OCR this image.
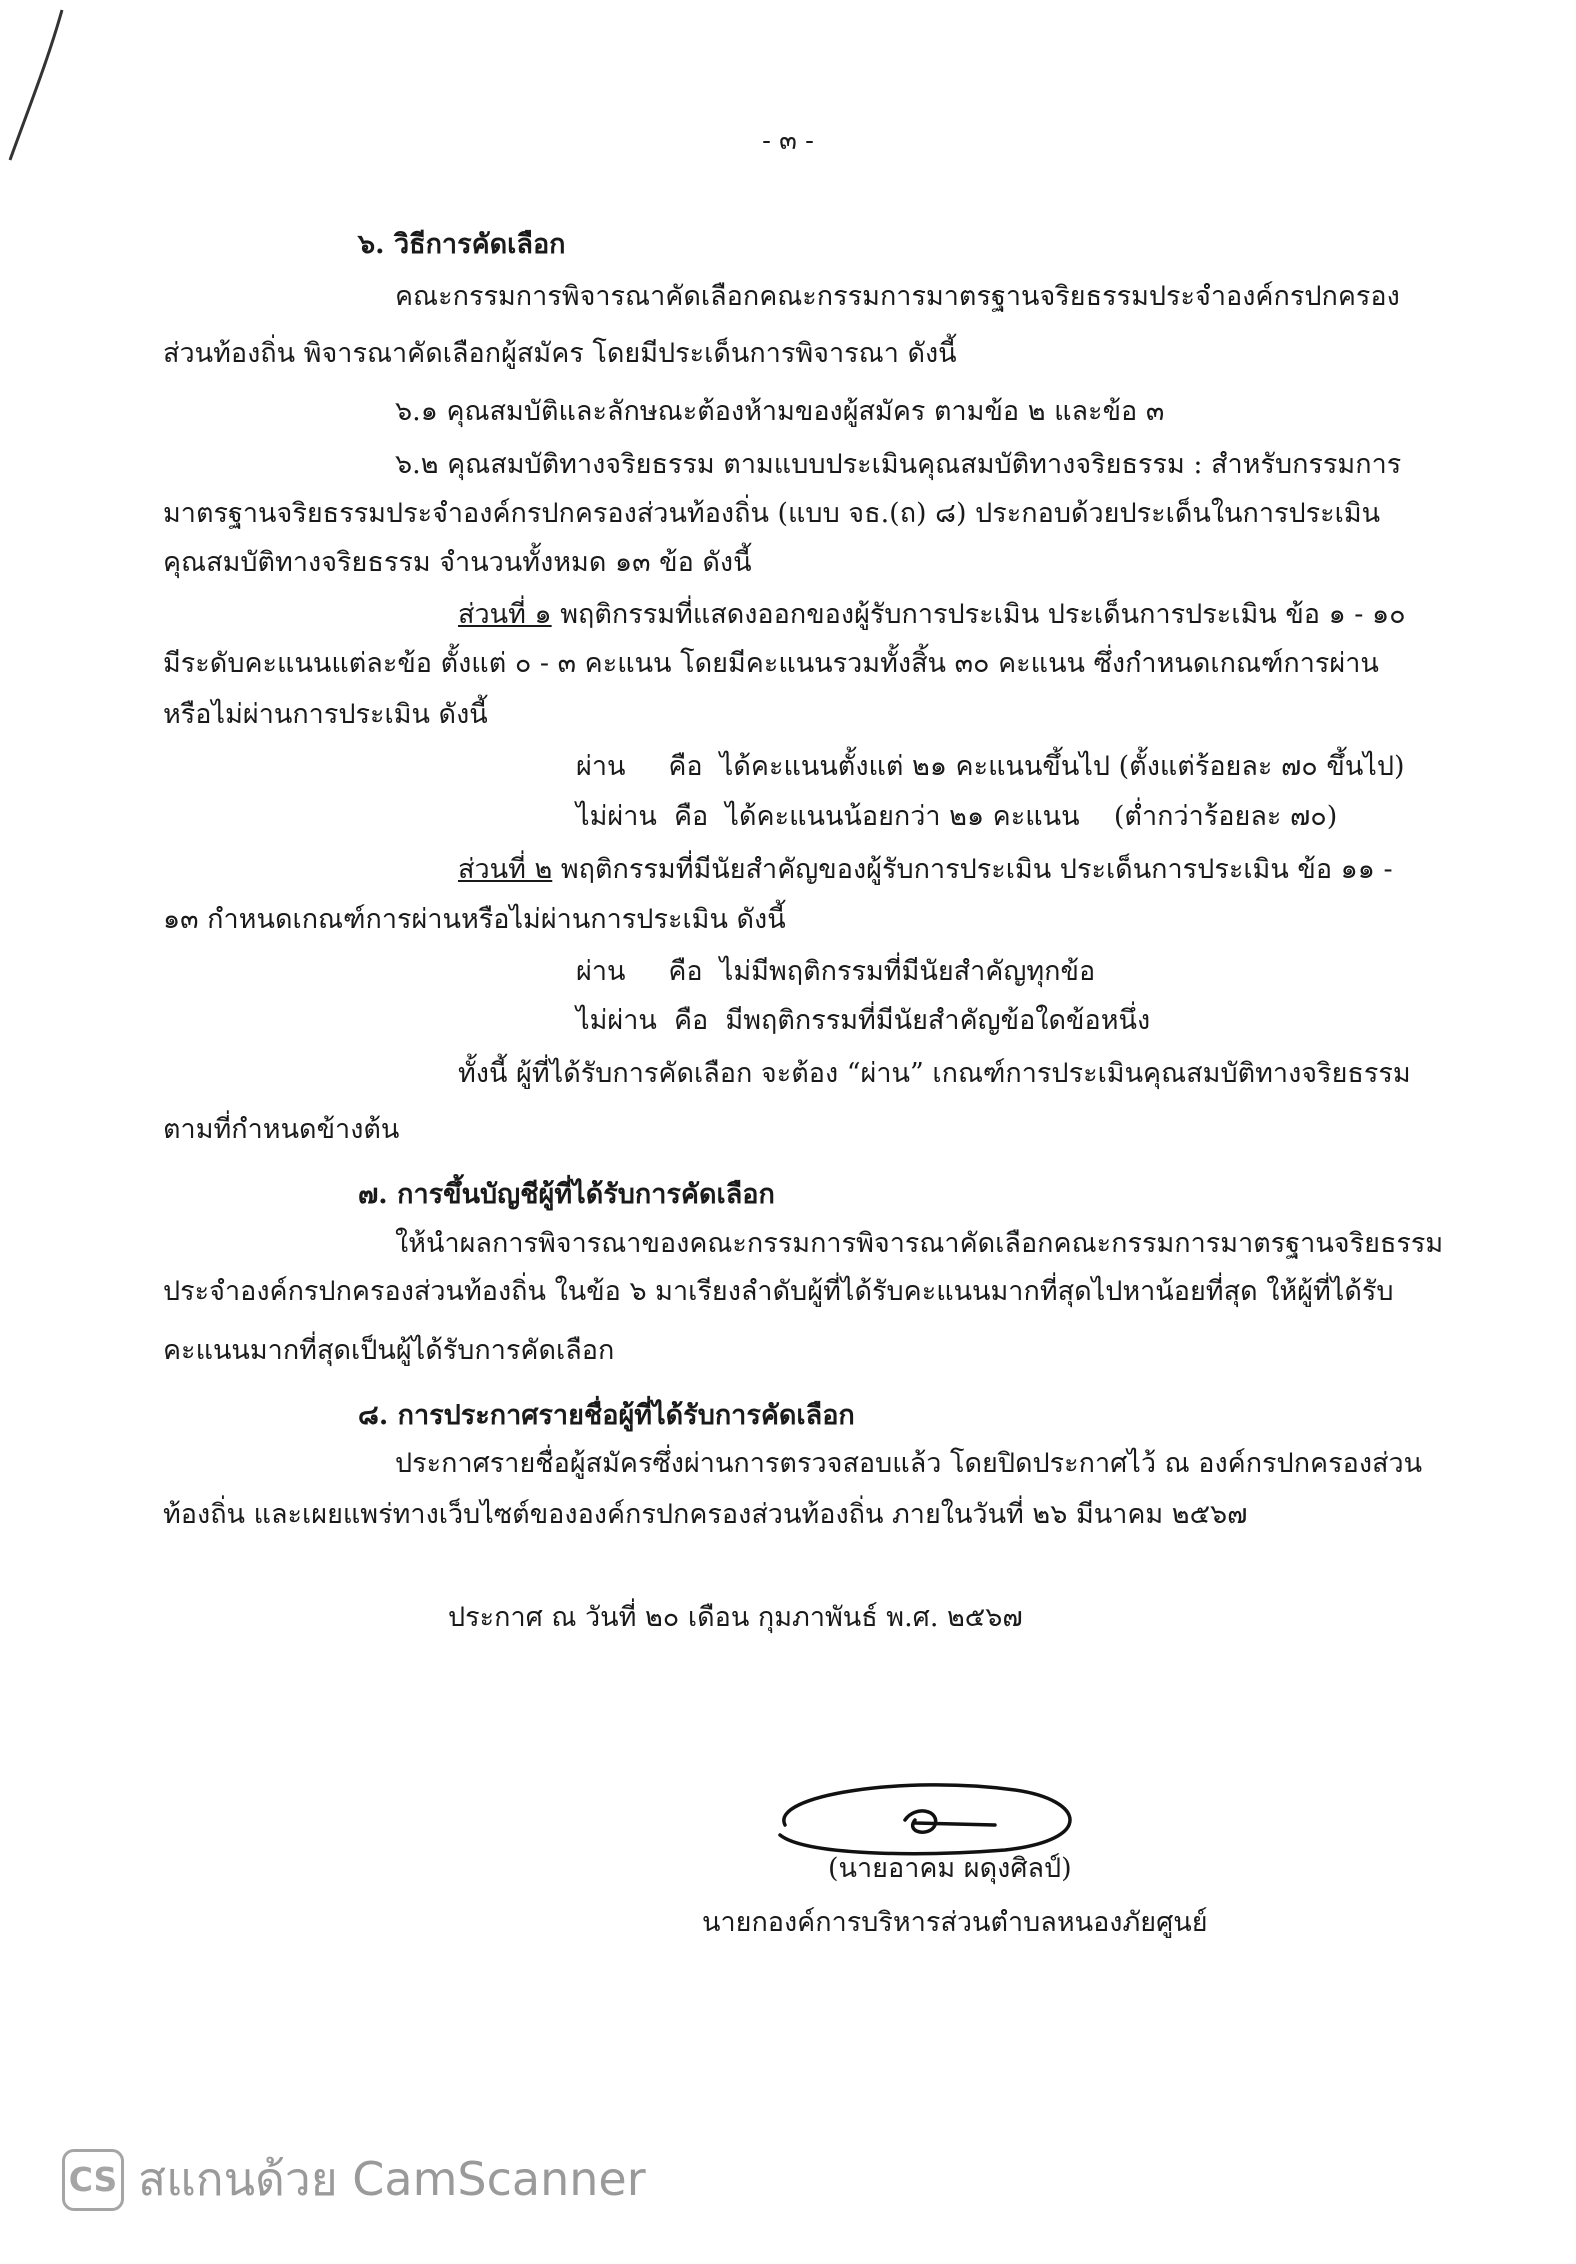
- ๓ -
๖. วิธีการคัดเลือก
คณะกรรมการพิจารณาคัดเลือกคณะกรรมการมาตรฐานจริยธรรมประจำองค์กรปกครอง
ส่วนท้องถิ่น พิจารณาคัดเลือกผู้สมัคร โดยมีประเด็นการพิจารณา ดังนี้
๖.๑ คุณสมบัติและลักษณะต้องห้ามของผู้สมัคร ตามข้อ ๒ และข้อ ๓
๖.๒ คุณสมบัติทางจริยธรรม ตามแบบประเมินคุณสมบัติทางจริยธรรม : สำหรับกรรมการ
มาตรฐานจริยธรรมประจำองค์กรปกครองส่วนท้องถิ่น (แบบ จธ.(ถ) ๘) ประกอบด้วยประเด็นในการประเมิน
คุณสมบัติทางจริยธรรม จำนวนทั้งหมด ๑๓ ข้อ ดังนี้
ส่วนที่ ๑ พฤติกรรมที่แสดงออกของผู้รับการประเมิน ประเด็นการประเมิน ข้อ ๑ - ๑๐
มีระดับคะแนนแต่ละข้อ ตั้งแต่ ๐ - ๓ คะแนน โดยมีคะแนนรวมทั้งสิ้น ๓๐ คะแนน ซึ่งกำหนดเกณฑ์การผ่าน
หรือไม่ผ่านการประเมิน ดังนี้
ผ่าน     คือ  ได้คะแนนตั้งแต่ ๒๑ คะแนนขึ้นไป (ตั้งแต่ร้อยละ ๗๐ ขึ้นไป)
ไม่ผ่าน  คือ  ได้คะแนนน้อยกว่า ๒๑ คะแนน    (ต่ำกว่าร้อยละ ๗๐)
ส่วนที่ ๒ พฤติกรรมที่มีนัยสำคัญของผู้รับการประเมิน ประเด็นการประเมิน ข้อ ๑๑ -
๑๓ กำหนดเกณฑ์การผ่านหรือไม่ผ่านการประเมิน ดังนี้
ผ่าน     คือ  ไม่มีพฤติกรรมที่มีนัยสำคัญทุกข้อ
ไม่ผ่าน  คือ  มีพฤติกรรมที่มีนัยสำคัญข้อใดข้อหนึ่ง
ทั้งนี้ ผู้ที่ได้รับการคัดเลือก จะต้อง “ผ่าน” เกณฑ์การประเมินคุณสมบัติทางจริยธรรม
ตามที่กำหนดข้างต้น
๗. การขึ้นบัญชีผู้ที่ได้รับการคัดเลือก
ให้นำผลการพิจารณาของคณะกรรมการพิจารณาคัดเลือกคณะกรรมการมาตรฐานจริยธรรม
ประจำองค์กรปกครองส่วนท้องถิ่น ในข้อ ๖ มาเรียงลำดับผู้ที่ได้รับคะแนนมากที่สุดไปหาน้อยที่สุด ให้ผู้ที่ได้รับ
คะแนนมากที่สุดเป็นผู้ได้รับการคัดเลือก
๘. การประกาศรายชื่อผู้ที่ได้รับการคัดเลือก
ประกาศรายชื่อผู้สมัครซึ่งผ่านการตรวจสอบแล้ว โดยปิดประกาศไว้ ณ องค์กรปกครองส่วน
ท้องถิ่น และเผยแพร่ทางเว็บไซต์ขององค์กรปกครองส่วนท้องถิ่น ภายในวันที่ ๒๖ มีนาคม ๒๕๖๗
ประกาศ ณ วันที่ ๒๐ เดือน กุมภาพันธ์ พ.ศ. ๒๕๖๗
(นายอาคม ผดุงศิลป์)
นายกองค์การบริหารส่วนตำบลหนองภัยศูนย์
CS สแกนด้วย CamScanner
